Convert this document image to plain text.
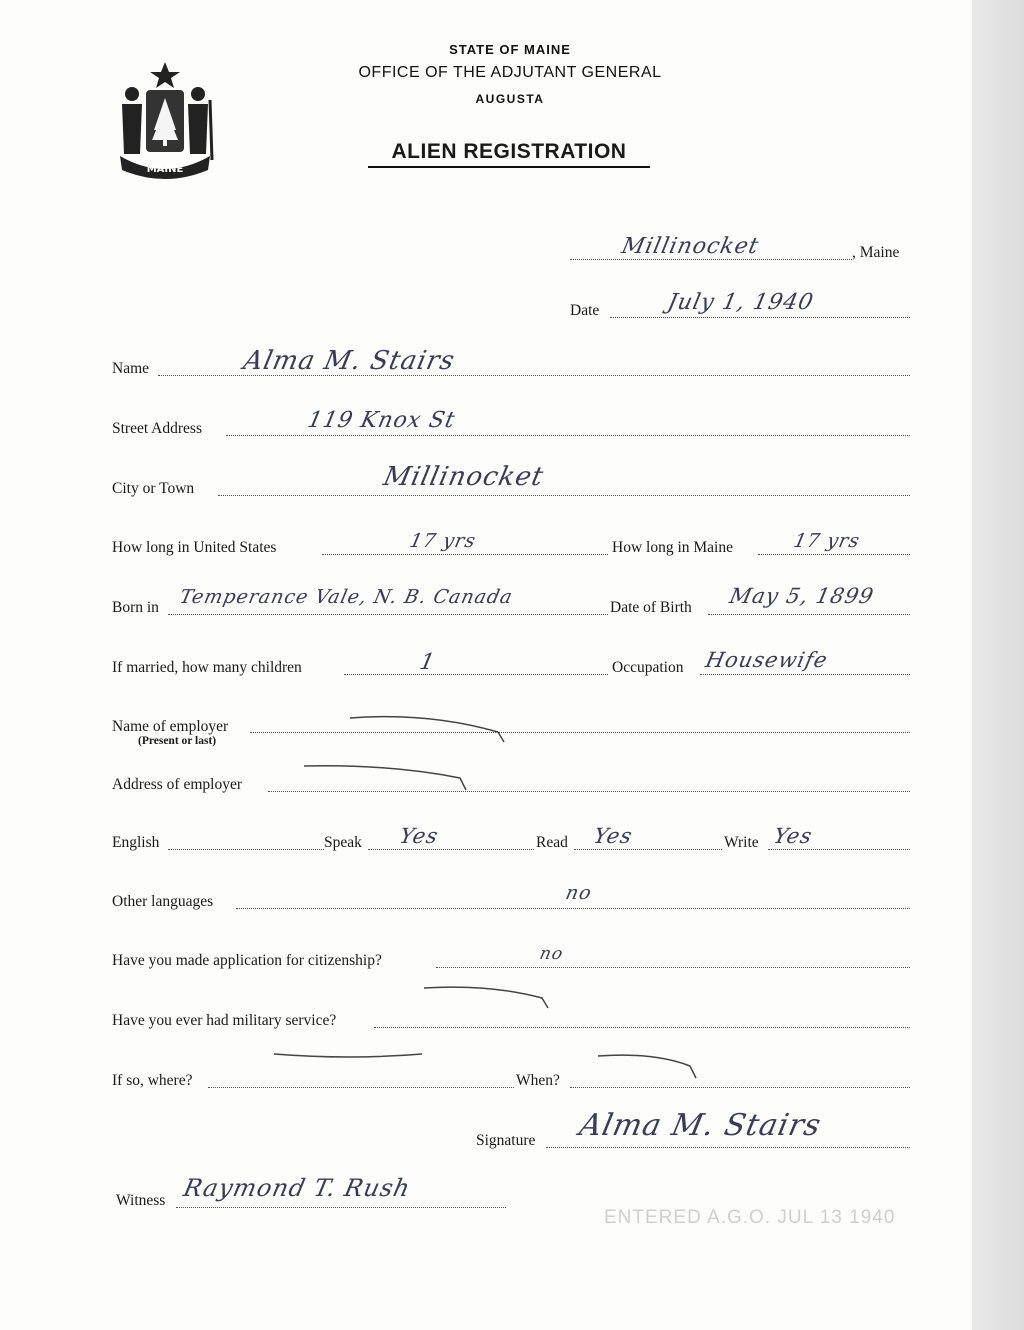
MAINE
STATE OF MAINE
OFFICE OF THE ADJUTANT GENERAL
AUGUSTA
ALIEN REGISTRATION
Millinocket	, Maine
Date	July 1, 1940
Name	Alma M. Stairs
Street Address	119 Knox St
City or Town	Millinocket
How long in United States	17 yrs	How long in Maine	17 yrs
Born in Temperance Vale, N. B. Canada	Date of Birth May 5, 1899
If married, how many children	1	Occupation Housewife
Name of employer
(Present or last)
Address of employer
English	Speak Yes	Read Yes	Write Yes
Other languages	no
Have you made application for citizenship?	no
Have you ever had military service?
If so, where?	When?
Signature Alma M. Stairs
Witness Raymond T. Rush
ENTERED A.G.O. JUL 13 1940
